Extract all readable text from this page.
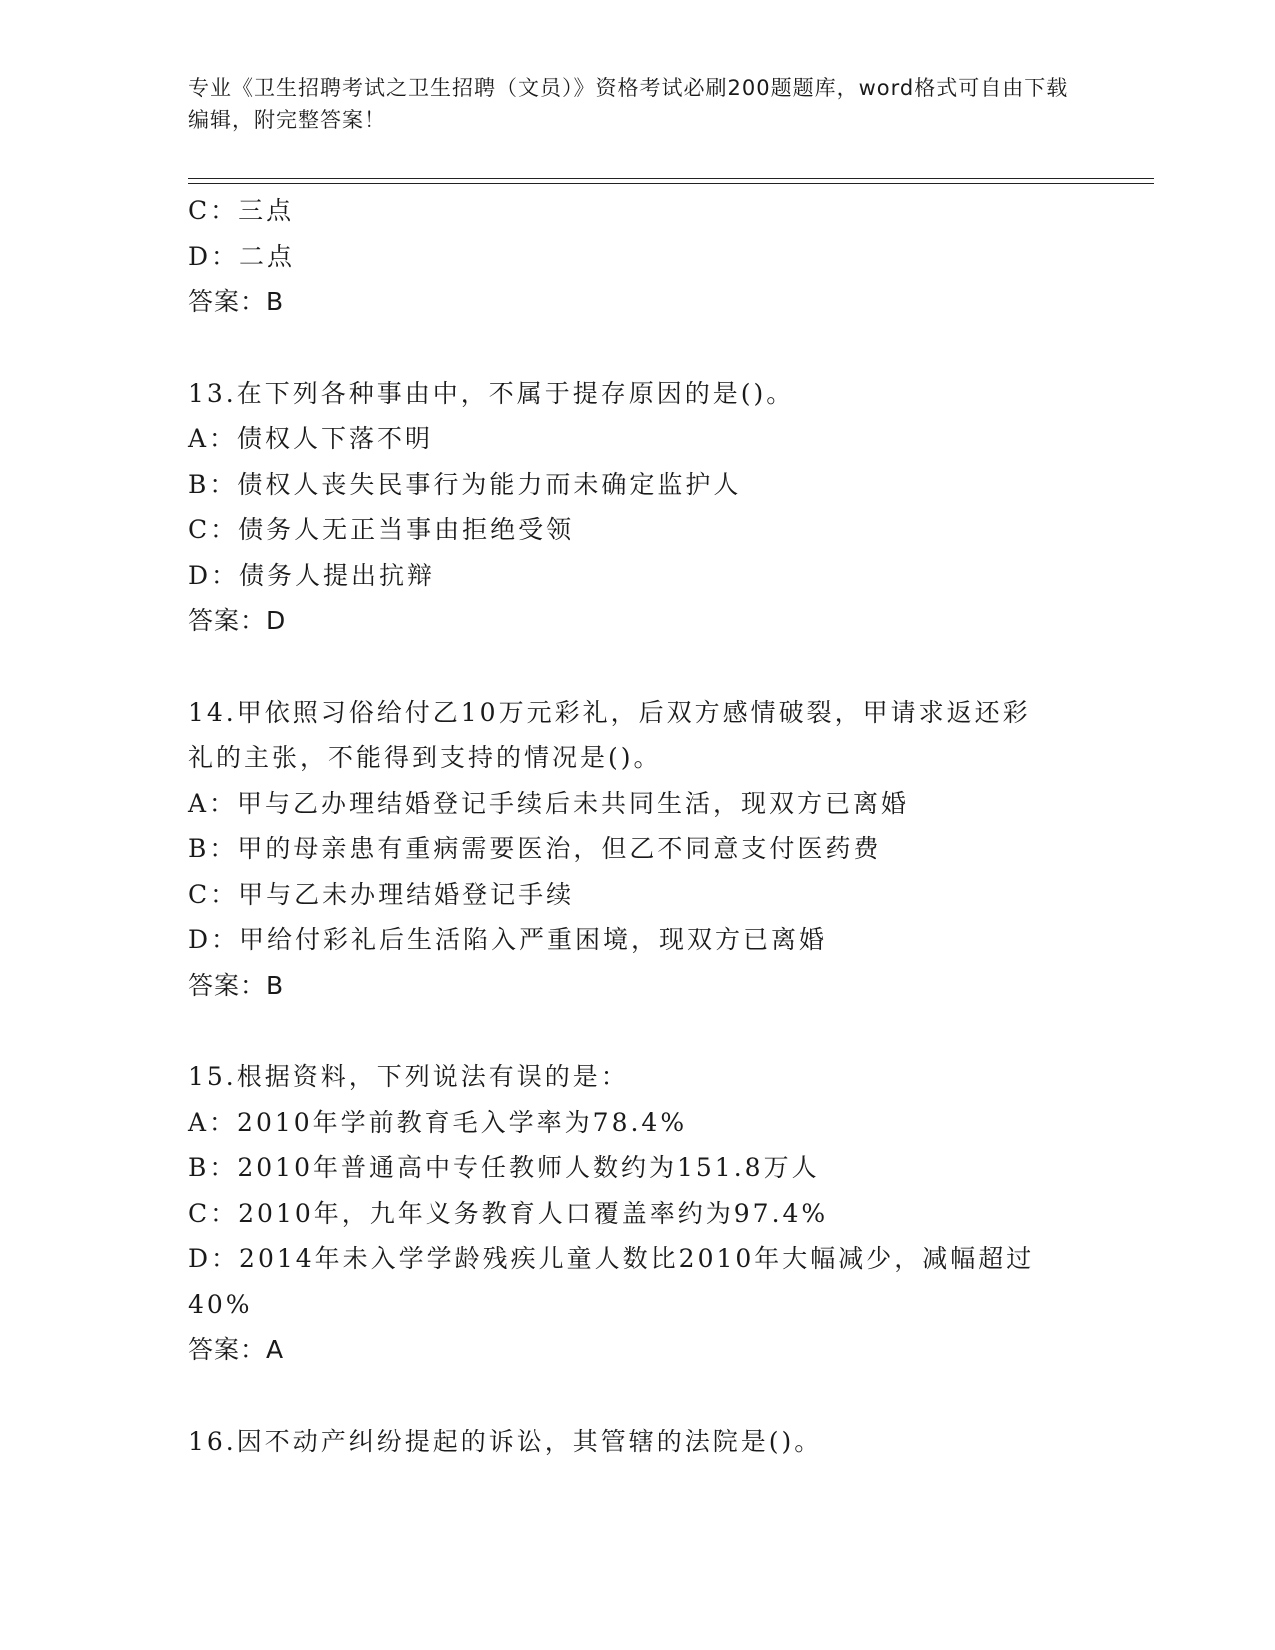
专业《卫生招聘考试之卫生招聘（文员）》资格考试必刷200题题库，word格式可自由下载编辑，附完整答案！
C：三点
D：二点
答案：B
13.在下列各种事由中，不属于提存原因的是()。
A：债权人下落不明
B：债权人丧失民事行为能力而未确定监护人
C：债务人无正当事由拒绝受领
D：债务人提出抗辩
答案：D
14.甲依照习俗给付乙10万元彩礼，后双方感情破裂，甲请求返还彩
礼的主张，不能得到支持的情况是()。
A：甲与乙办理结婚登记手续后未共同生活，现双方已离婚
B：甲的母亲患有重病需要医治，但乙不同意支付医药费
C：甲与乙未办理结婚登记手续
D：甲给付彩礼后生活陷入严重困境，现双方已离婚
答案：B
15.根据资料，下列说法有误的是：
A：2010年学前教育毛入学率为78.4%
B：2010年普通高中专任教师人数约为151.8万人
C：2010年，九年义务教育人口覆盖率约为97.4%
D：2014年未入学学龄残疾儿童人数比2010年大幅减少，减幅超过
40%
答案：A
16.因不动产纠纷提起的诉讼，其管辖的法院是()。
